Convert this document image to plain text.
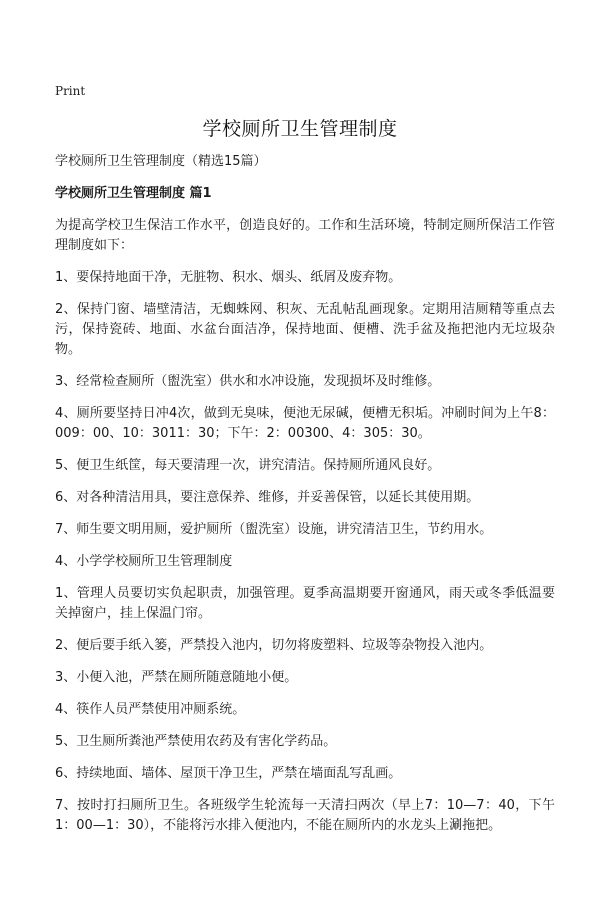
Print
学校厕所卫生管理制度

学校厕所卫生管理制度（精选15篇）

学校厕所卫生管理制度 篇1

为提高学校卫生保洁工作水平，创造良好的。工作和生活环境，特制定厕所保洁工作管理制度如下：

1、要保持地面干净，无脏物、积水、烟头、纸屑及废弃物。

2、保持门窗、墙壁清洁，无蜘蛛网、积灰、无乱帖乱画现象。定期用洁厕精等重点去污，保持瓷砖、地面、水盆台面洁净，保持地面、便槽、洗手盆及拖把池内无垃圾杂物。

3、经常检查厕所（盥洗室）供水和水冲设施，发现损坏及时维修。

4、厕所要坚持日冲4次，做到无臭味，便池无尿碱，便槽无积垢。冲刷时间为上午8：009：00、10：3011：30；下午：2：00300、4：305：30。

5、便卫生纸筐，每天要清理一次，讲究清洁。保持厕所通风良好。

6、对各种清洁用具，要注意保养、维修，并妥善保管，以延长其使用期。

7、师生要文明用厕，爱护厕所（盥洗室）设施，讲究清洁卫生，节约用水。

4、小学学校厕所卫生管理制度

1、管理人员要切实负起职责，加强管理。夏季高温期要开窗通风，雨天或冬季低温要关掉窗户，挂上保温门帘。

2、便后要手纸入篓，严禁投入池内，切勿将废塑料、垃圾等杂物投入池内。

3、小便入池，严禁在厕所随意随地小便。

4、筷作人员严禁使用冲厕系统。

5、卫生厕所粪池严禁使用农药及有害化学药品。

6、持续地面、墙体、屋顶干净卫生，严禁在墙面乱写乱画。

7、按时打扫厕所卫生。各班级学生轮流每一天清扫两次（早上7：10—7：40，下午1：00—1：30），不能将污水排入便池内，不能在厕所内的水龙头上涮拖把。
